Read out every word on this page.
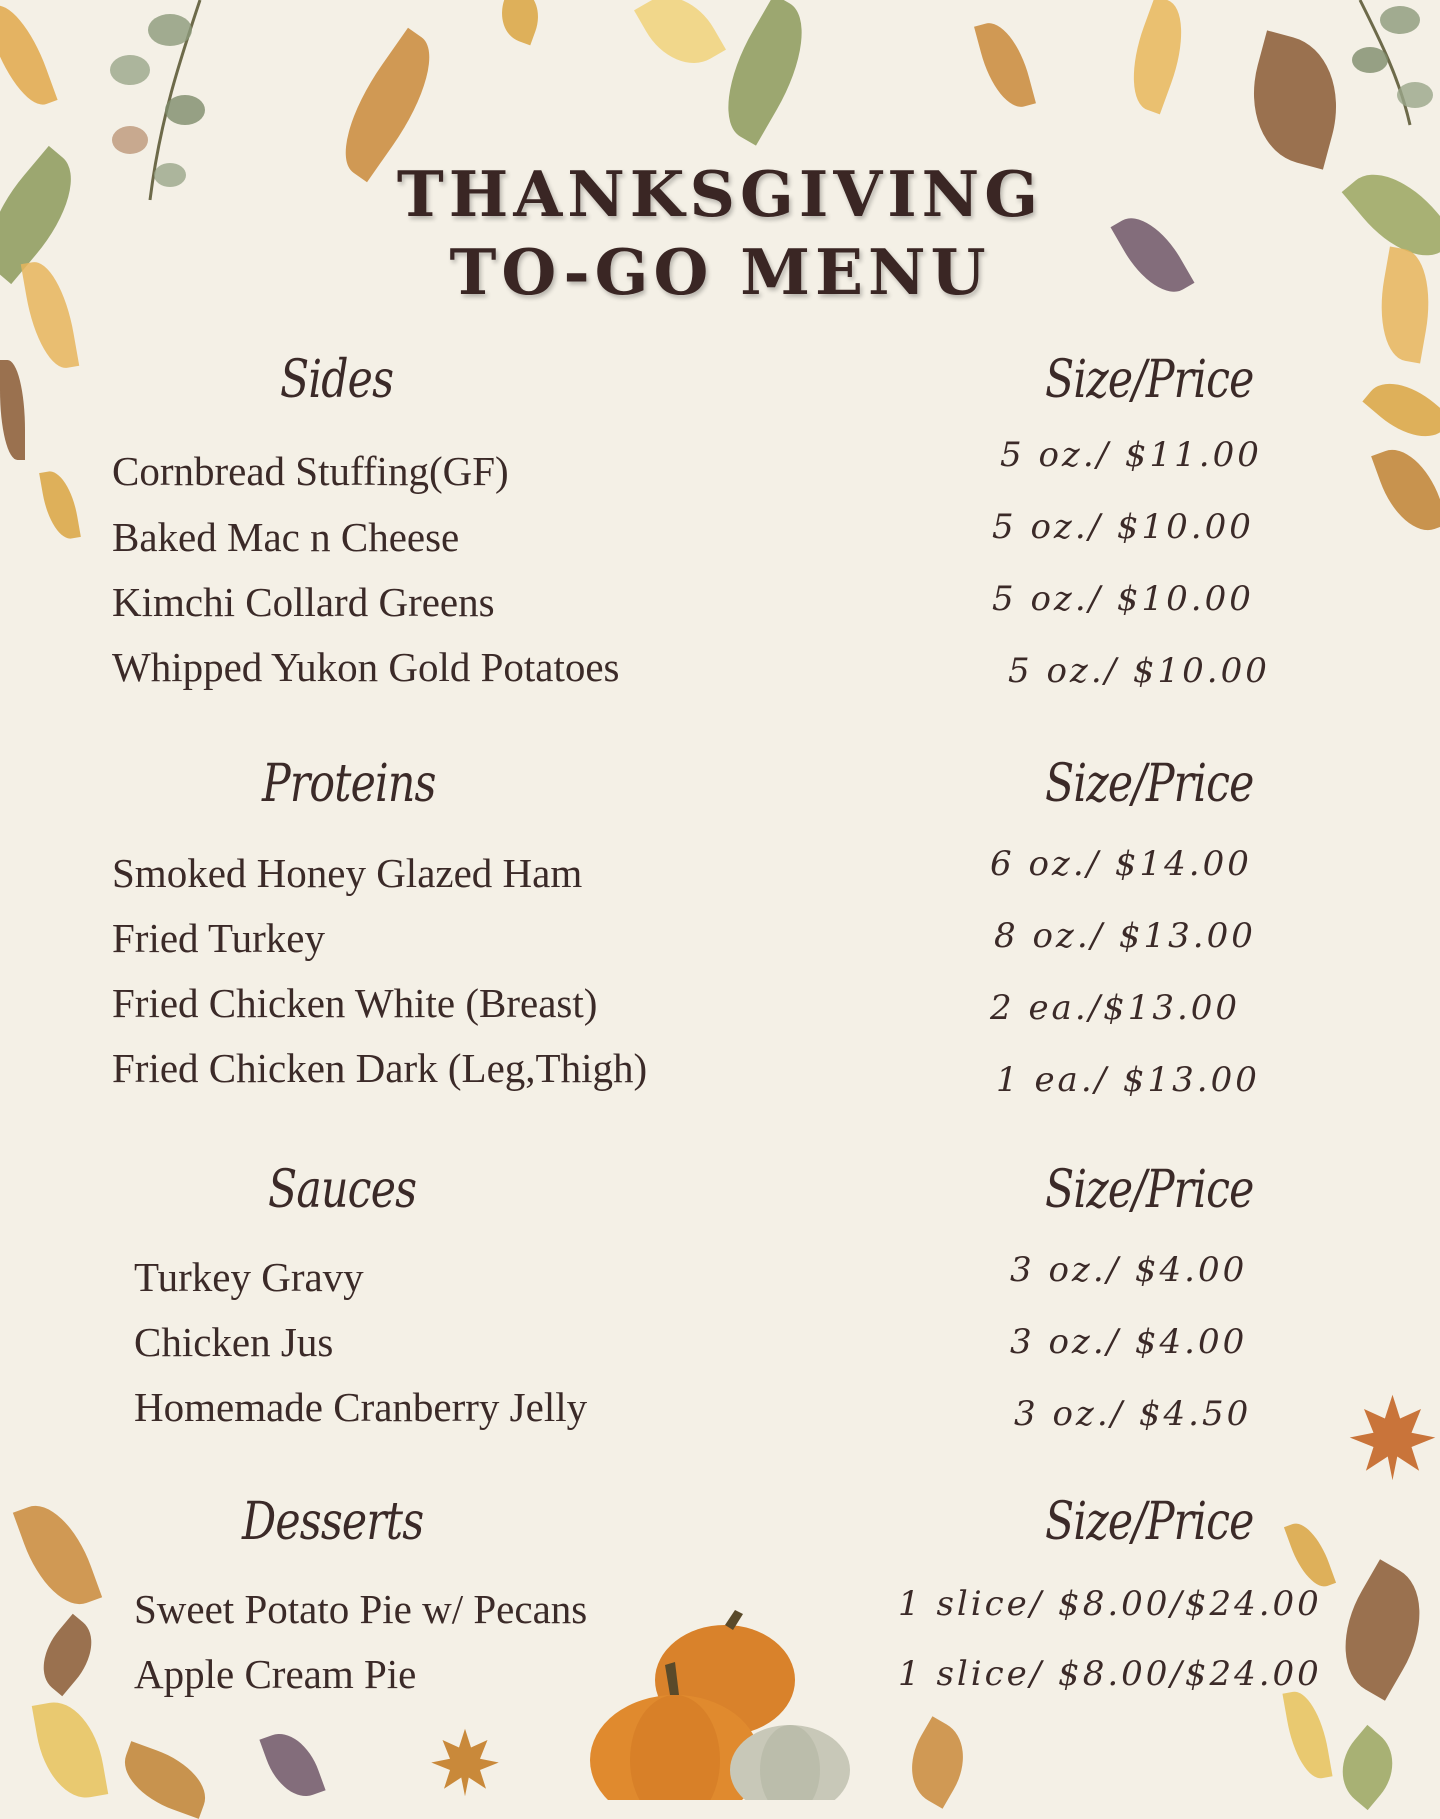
THANKSGIVING
TO-GO MENU
Sides	Size/Price
Cornbread Stuffing(GF)	5 oz./ $11.00
Baked Mac n Cheese	5 oz./ $10.00
Kimchi Collard Greens	5 oz./ $10.00
Whipped Yukon Gold Potatoes	5 oz./ $10.00
Proteins	Size/Price
Smoked Honey Glazed Ham	6 oz./ $14.00
Fried Turkey	8 oz./ $13.00
Fried Chicken White (Breast)	2 ea./$13.00
Fried Chicken Dark (Leg,Thigh)	1 ea./ $13.00
Sauces	Size/Price
Turkey Gravy	3 oz./ $4.00
Chicken Jus	3 oz./ $4.00
Homemade Cranberry Jelly	3 oz./ $4.50
Desserts	Size/Price
Sweet Potato Pie w/ Pecans	1 slice/ $8.00/$24.00
Apple Cream Pie	1 slice/ $8.00/$24.00
